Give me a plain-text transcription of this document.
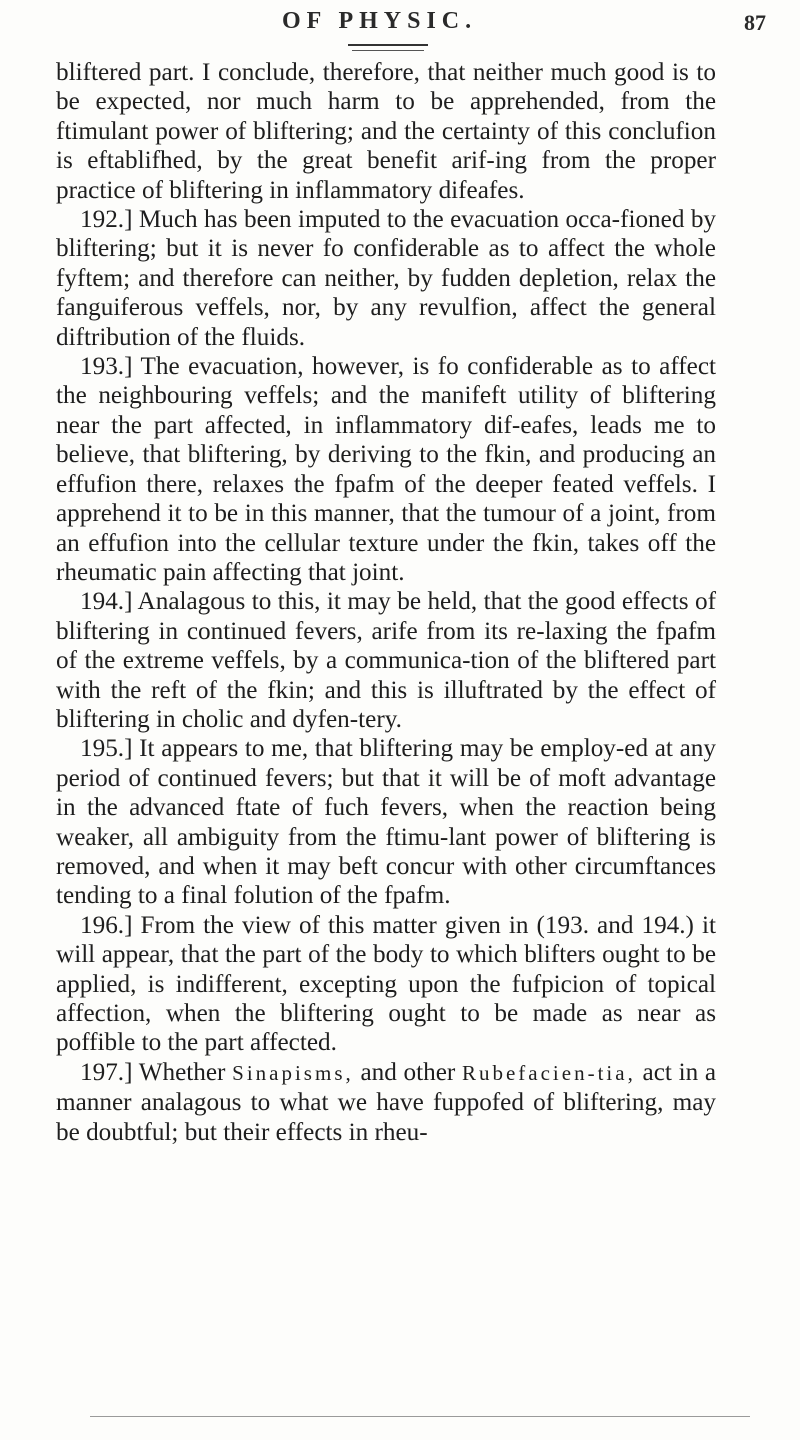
OF PHYSIC.	87

bliftered part. I conclude, therefore, that neither much good is to be expected, nor much harm to be apprehended, from the ftimulant power of bliftering; and the certainty of this conclufion is eftablifhed, by the great benefit arif-ing from the proper practice of bliftering in inflammatory difeafes.

192.] Much has been imputed to the evacuation occa-fioned by bliftering; but it is never fo confiderable as to affect the whole fyftem; and therefore can neither, by fudden depletion, relax the fanguiferous veffels, nor, by any revulfion, affect the general diftribution of the fluids.

193.] The evacuation, however, is fo confiderable as to affect the neighbouring veffels; and the manifeft utility of bliftering near the part affected, in inflammatory dif-eafes, leads me to believe, that bliftering, by deriving to the fkin, and producing an effufion there, relaxes the fpafm of the deeper feated veffels. I apprehend it to be in this manner, that the tumour of a joint, from an effufion into the cellular texture under the fkin, takes off the rheumatic pain affecting that joint.

194.] Analagous to this, it may be held, that the good effects of bliftering in continued fevers, arife from its re-laxing the fpafm of the extreme veffels, by a communica-tion of the bliftered part with the reft of the fkin; and this is illuftrated by the effect of bliftering in cholic and dyfen-tery.

195.] It appears to me, that bliftering may be employ-ed at any period of continued fevers; but that it will be of moft advantage in the advanced ftate of fuch fevers, when the reaction being weaker, all ambiguity from the ftimu-lant power of bliftering is removed, and when it may beft concur with other circumftances tending to a final folution of the fpafm.

196.] From the view of this matter given in (193. and 194.) it will appear, that the part of the body to which blifters ought to be applied, is indifferent, excepting upon the fufpicion of topical affection, when the bliftering ought to be made as near as poffible to the part affected.

197.] Whether Sinapisms, and other Rubefacien-tia, act in a manner analagous to what we have fuppofed of bliftering, may be doubtful; but their effects in rheu-
